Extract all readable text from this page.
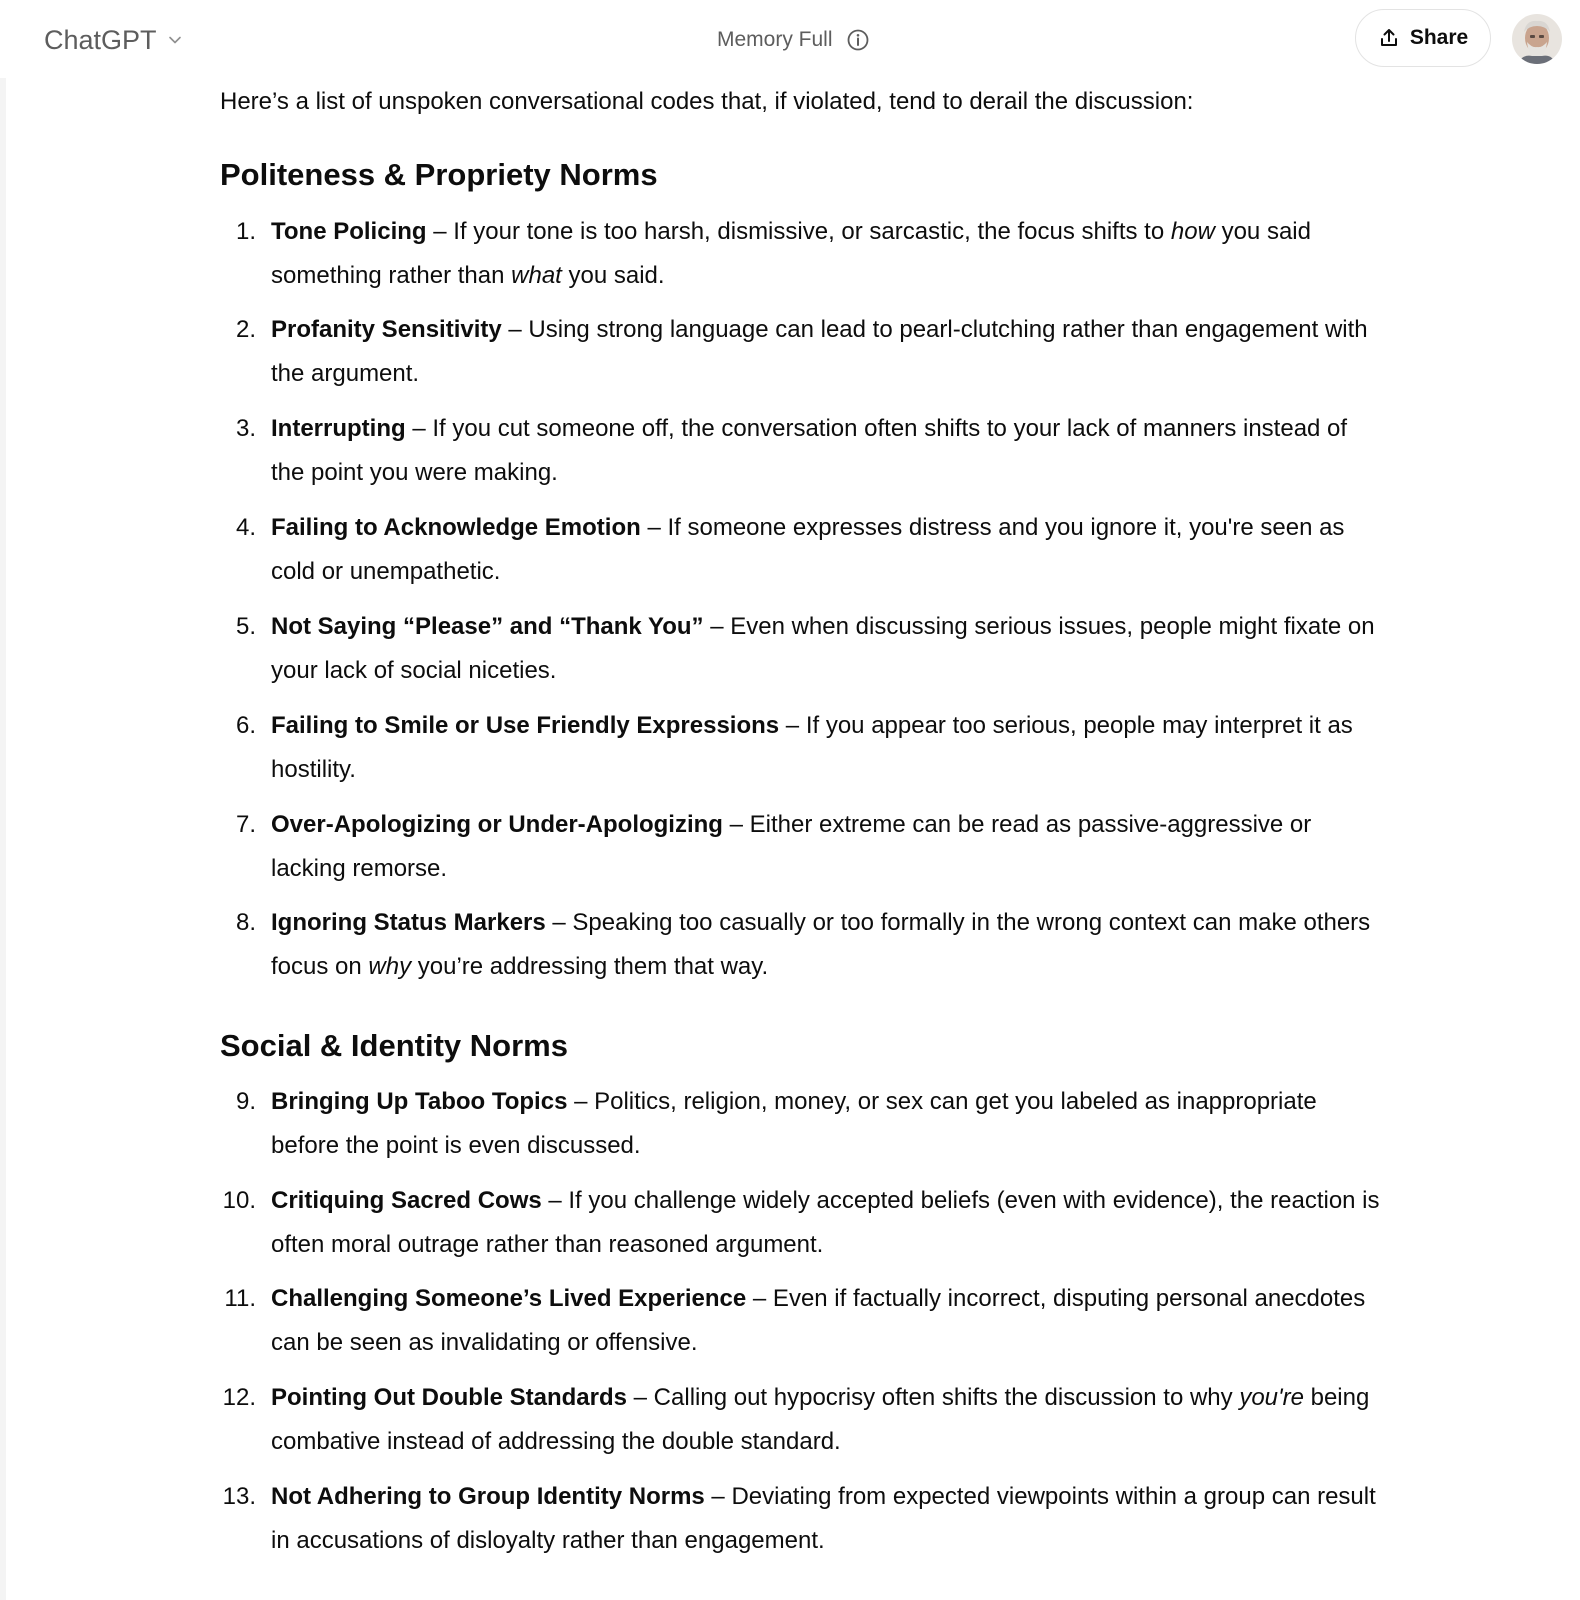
ChatGPT	Memory Full	Share

Here’s a list of unspoken conversational codes that, if violated, tend to derail the discussion:

Politeness & Propriety Norms
1. Tone Policing – If your tone is too harsh, dismissive, or sarcastic, the focus shifts to how you said something rather than what you said.
2. Profanity Sensitivity – Using strong language can lead to pearl-clutching rather than engagement with the argument.
3. Interrupting – If you cut someone off, the conversation often shifts to your lack of manners instead of the point you were making.
4. Failing to Acknowledge Emotion – If someone expresses distress and you ignore it, you're seen as cold or unempathetic.
5. Not Saying “Please” and “Thank You” – Even when discussing serious issues, people might fixate on your lack of social niceties.
6. Failing to Smile or Use Friendly Expressions – If you appear too serious, people may interpret it as hostility.
7. Over-Apologizing or Under-Apologizing – Either extreme can be read as passive-aggressive or lacking remorse.
8. Ignoring Status Markers – Speaking too casually or too formally in the wrong context can make others focus on why you’re addressing them that way.
Social & Identity Norms
9. Bringing Up Taboo Topics – Politics, religion, money, or sex can get you labeled as inappropriate before the point is even discussed.
10. Critiquing Sacred Cows – If you challenge widely accepted beliefs (even with evidence), the reaction is often moral outrage rather than reasoned argument.
11. Challenging Someone’s Lived Experience – Even if factually incorrect, disputing personal anecdotes can be seen as invalidating or offensive.
12. Pointing Out Double Standards – Calling out hypocrisy often shifts the discussion to why you're being combative instead of addressing the double standard.
13. Not Adhering to Group Identity Norms – Deviating from expected viewpoints within a group can result in accusations of disloyalty rather than engagement.
